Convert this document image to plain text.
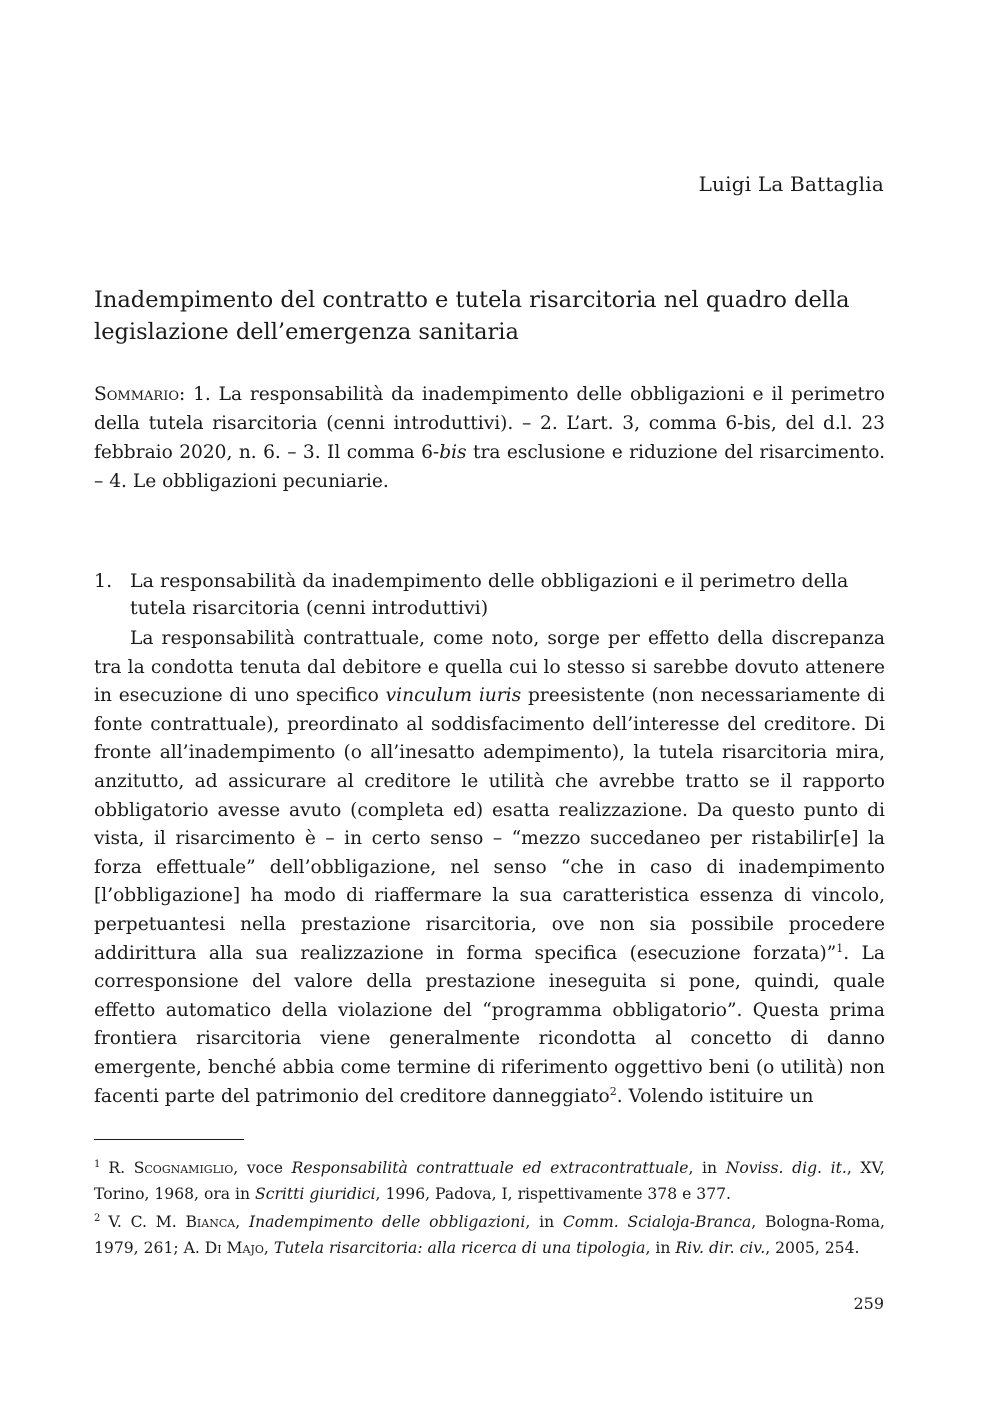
Luigi La Battaglia
Inadempimento del contratto e tutela risarcitoria nel quadro della legislazione dell’emergenza sanitaria

Sommario: 1. La responsabilità da inadempimento delle obbligazioni e il perimetro della tutela risarcitoria (cenni introduttivi). – 2. L’art. 3, comma 6-bis, del d.l. 23 febbraio 2020, n. 6. – 3. Il comma 6-bis tra esclusione e riduzione del risarcimento. – 4. Le obbligazioni pecuniarie.

1. La responsabilità da inadempimento delle obbligazioni e il perimetro della tutela risarcitoria (cenni introduttivi)

La responsabilità contrattuale, come noto, sorge per effetto della discrepanza tra la condotta tenuta dal debitore e quella cui lo stesso si sarebbe dovuto attenere in esecuzione di uno specifico vinculum iuris preesistente (non necessariamente di fonte contrattuale), preordinato al soddisfacimento dell’interesse del creditore. Di fronte all’inadempimento (o all’inesatto adempimento), la tutela risarcitoria mira, anzitutto, ad assicurare al creditore le utilità che avrebbe tratto se il rapporto obbligatorio avesse avuto (completa ed) esatta realizzazione. Da questo punto di vista, il risarcimento è – in certo senso – “mezzo succedaneo per ristabilir[e] la forza effettuale” dell’obbligazione, nel senso “che in caso di inadempimento [l’obbligazione] ha modo di riaffermare la sua caratteristica essenza di vincolo, perpetuantesi nella prestazione risarcitoria, ove non sia possibile procedere addirittura alla sua realizzazione in forma specifica (esecuzione forzata)”$^1$. La corresponsione del valore della prestazione ineseguita si pone, quindi, quale effetto automatico della violazione del “programma obbligatorio”. Questa prima frontiera risarcitoria viene generalmente ricondotta al concetto di danno emergente, benché abbia come termine di riferimento oggettivo beni (o utilità) non facenti parte del patrimonio del creditore danneggiato$^2$. Volendo istituire un

$^1$ R. Scognamiglio, voce Responsabilità contrattuale ed extracontrattuale, in Noviss. dig. it., XV, Torino, 1968, ora in Scritti giuridici, 1996, Padova, I, rispettivamente 378 e 377.

$^2$ V. C. M. Bianca, Inadempimento delle obbligazioni, in Comm. Scialoja-Branca, Bologna-Roma, 1979, 261; A. Di Majo, Tutela risarcitoria: alla ricerca di una tipologia, in Riv. dir. civ., 2005, 254.

259
